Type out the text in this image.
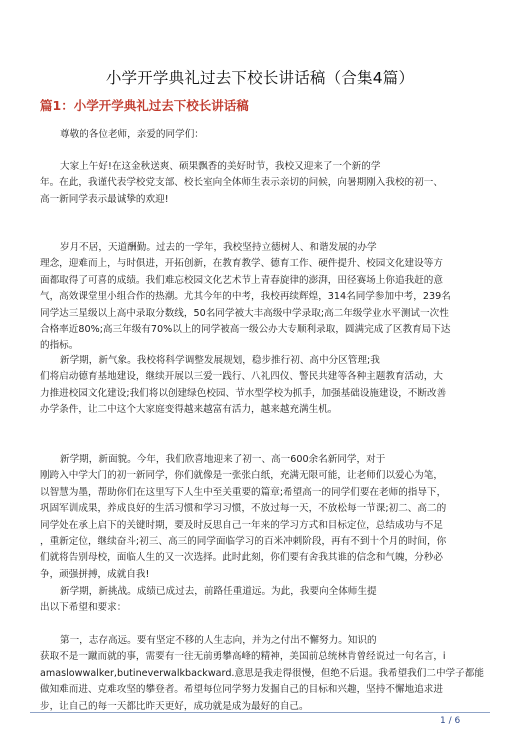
小学开学典礼过去下校长讲话稿（合集4篇）
篇1：小学开学典礼过去下校长讲话稿
尊敬的各位老师，亲爱的同学们：
大家上午好!在这金秋送爽、硕果飘香的美好时节，我校又迎来了一个新的学
年。在此，我谨代表学校党支部、校长室向全体师生表示亲切的问候，向暑期刚入我校的初一、
高一新同学表示最诚挚的欢迎!
岁月不居，天道酬勤。过去的一学年，我校坚持立德树人、和谐发展的办学
理念，迎难而上，与时俱进，开拓创新，在教育教学、德育工作、硬件提升、校园文化建设等方
面都取得了可喜的成绩。我们难忘校园文化艺术节上青春旋律的澎湃，田径赛场上你追我赶的意
气，高效课堂里小组合作的热潮。尤其今年的中考，我校再续辉煌，314名同学参加中考，239名
同学达三星级以上高中录取分数线，50名同学被大丰高级中学录取;高二年级学业水平测试一次性
合格率近80%;高三年级有70%以上的同学被高一级公办大专顺利录取，圆满完成了区教育局下达
的指标。
新学期，新气象。我校将科学调整发展规划，稳步推行初、高中分区管理;我
们将启动德育基地建设，继续开展以三爱一践行、八礼四仪、警民共建等各种主题教育活动，大
力推进校园文化建设;我们将以创建绿色校园、节水型学校为抓手，加强基础设施建设，不断改善
办学条件，让二中这个大家庭变得越来越富有活力，越来越充满生机。
新学期，新面貌。今年，我们欣喜地迎来了初一、高一600余名新同学，对于
刚跨入中学大门的初一新同学，你们就像是一张张白纸，充满无限可能，让老师们以爱心为笔，
以智慧为墨，帮助你们在这里写下人生中至关重要的篇章;希望高一的同学们要在老师的指导下，
巩固军训成果，养成良好的生活习惯和学习习惯，不放过每一天，不放松每一节课;初二、高二的
同学处在承上启下的关键时期，要及时反思自己一年来的学习方式和目标定位，总结成功与不足
，重新定位，继续奋斗;初三、高三的同学面临学习的百米冲刺阶段，再有不到十个月的时间，你
们就将告别母校，面临人生的又一次选择。此时此刻，你们要有舍我其谁的信念和气魄，分秒必
争，顽强拼搏，成就自我!
新学期，新挑战。成绩已成过去，前路任重道远。为此，我要向全体师生提
出以下希望和要求：
第一，志存高远。要有坚定不移的人生志向，并为之付出不懈努力。知识的
获取不是一蹴而就的事，需要有一往无前勇攀高峰的精神，美国前总统林肯曾经说过一句名言，i
amaslowwalker,butineverwalkbackward.意思是我走得很慢，但绝不后退。我希望我们二中学子都能
做知难而进、克难攻坚的攀登者。希望每位同学努力发掘自己的目标和兴趣，坚持不懈地追求进
步，让自己的每一天都比昨天更好，成功就是成为最好的自己。
1 / 6
